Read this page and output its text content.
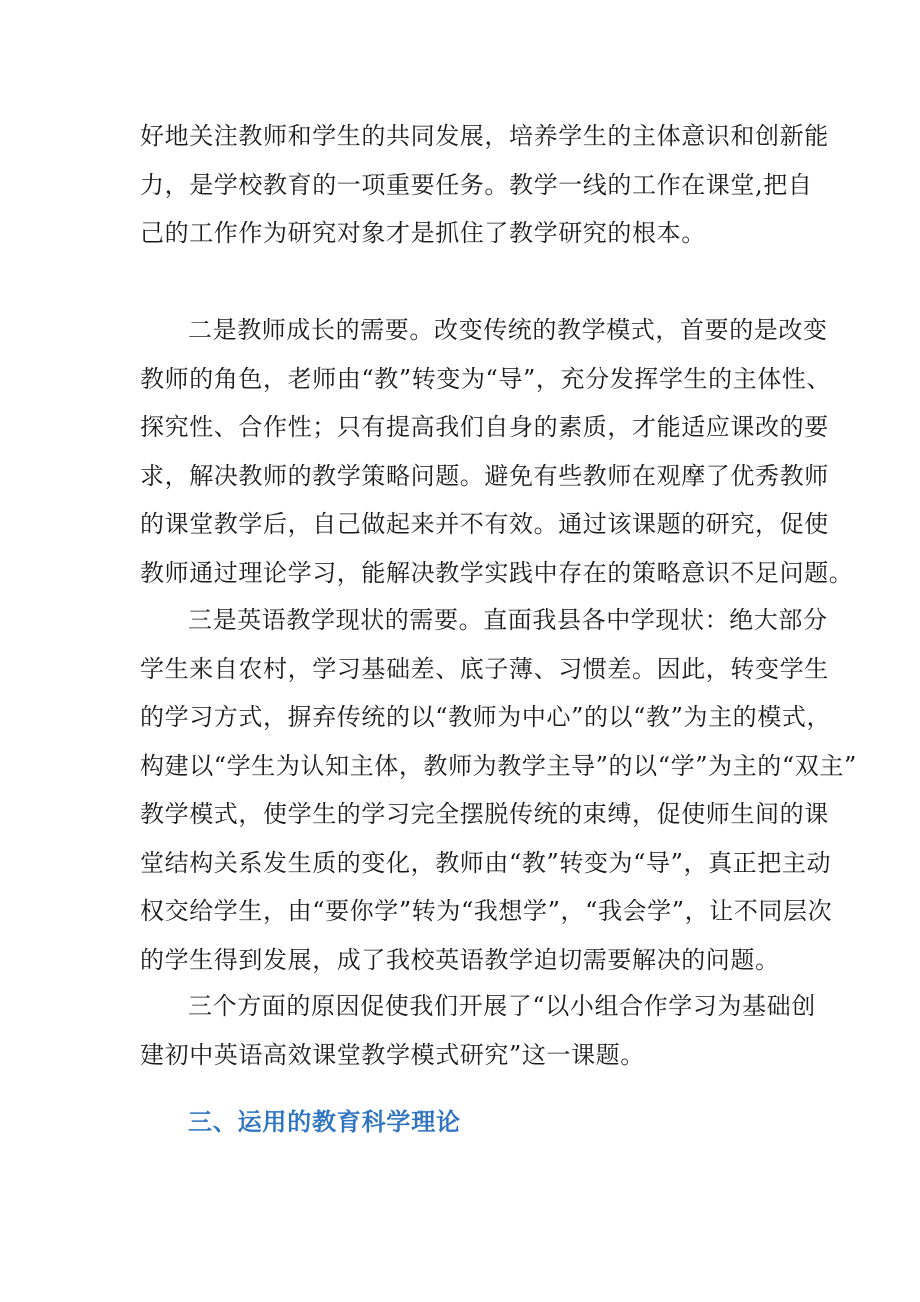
好地关注教师和学生的共同发展，培养学生的主体意识和创新能
力，是学校教育的一项重要任务。教学一线的工作在课堂,把自
己的工作作为研究对象才是抓住了教学研究的根本。
二是教师成长的需要。改变传统的教学模式，首要的是改变
教师的角色，老师由“教”转变为“导”，充分发挥学生的主体性、
探究性、合作性；只有提高我们自身的素质，才能适应课改的要
求，解决教师的教学策略问题。避免有些教师在观摩了优秀教师
的课堂教学后，自己做起来并不有效。通过该课题的研究，促使
教师通过理论学习，能解决教学实践中存在的策略意识不足问题。
三是英语教学现状的需要。直面我县各中学现状：绝大部分
学生来自农村，学习基础差、底子薄、习惯差。因此，转变学生
的学习方式，摒弃传统的以“教师为中心”的以“教”为主的模式，
构建以“学生为认知主体，教师为教学主导”的以“学”为主的“双主”
教学模式，使学生的学习完全摆脱传统的束缚，促使师生间的课
堂结构关系发生质的变化，教师由“教”转变为“导”，真正把主动
权交给学生，由“要你学”转为“我想学”，“我会学”，让不同层次
的学生得到发展，成了我校英语教学迫切需要解决的问题。
三个方面的原因促使我们开展了“以小组合作学习为基础创
建初中英语高效课堂教学模式研究”这一课题。
三、运用的教育科学理论
